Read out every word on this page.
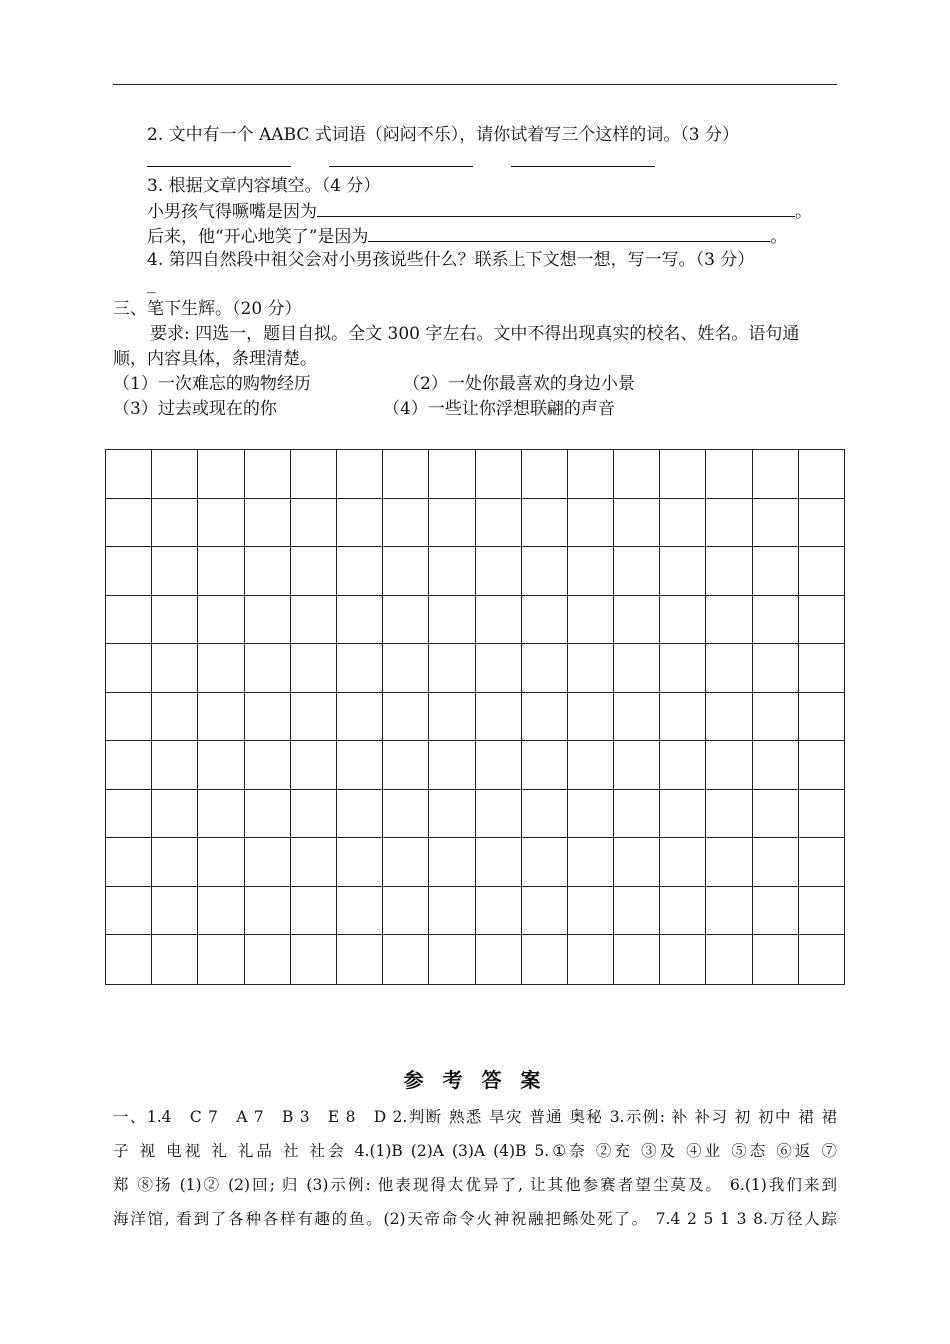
2. 文中有一个 AABC 式词语（闷闷不乐），请你试着写三个这样的词。（3 分）
3. 根据文章内容填空。（4 分）
小男孩气得噘嘴是因为	。
后来，他“开心地笑了”是因为	。
4. 第四自然段中祖父会对小男孩说些什么？联系上下文想一想，写一写。（3 分）
_
三、笔下生辉。（20 分）
要求: 四选一，题目自拟。全文 300 字左右。文中不得出现真实的校名、姓名。语句通
顺，内容具体，条理清楚。
（1）一次难忘的购物经历	（2）一处你最喜欢的身边小景
（3）过去或现在的你	（4）一些让你浮想联翩的声音
参 考 答 案
一、1.4　C 7　A 7　B 3　E 8　D 2.判断 熟悉 旱灾 普通 奥秘 3.示例: 补 补习 初 初中 裙 裙
子 视 电视 礼 礼品 社 社会 4.(1)B (2)A (3)A (4)B 5.①奈 ②充 ③及 ④业 ⑤态 ⑥返 ⑦
郑 ⑧扬 (1)② (2)回; 归 (3)示例: 他表现得太优异了, 让其他参赛者望尘莫及。 6.(1)我们来到
海洋馆, 看到了各种各样有趣的鱼。(2)天帝命令火神祝融把鲧处死了。 7.4 2 5 1 3 8.万径人踪
